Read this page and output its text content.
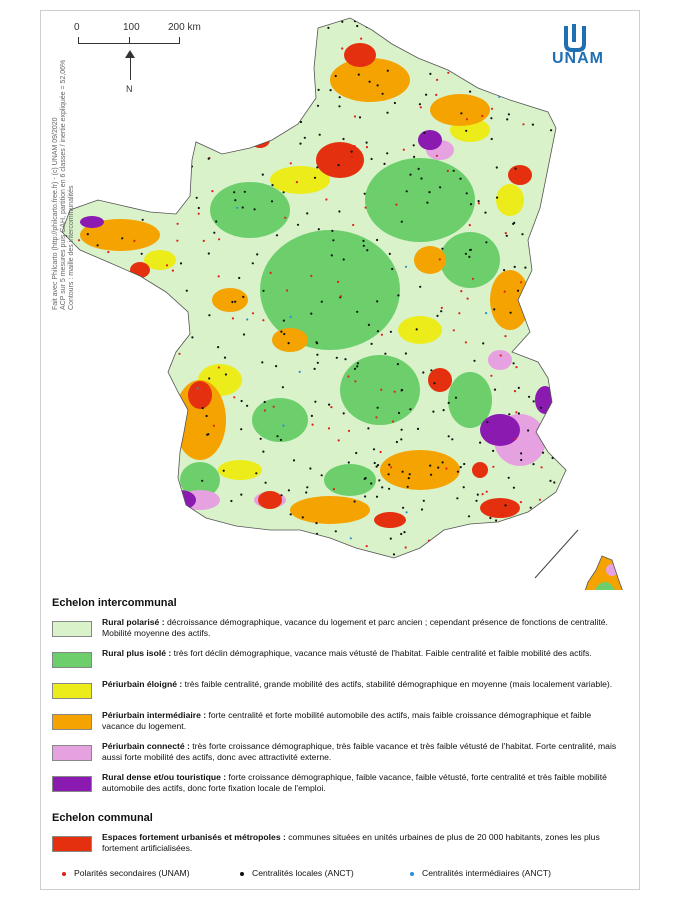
0	100	200 km
N
UNAM
Fait avec Philcarto (http://philcarto.free.fr) - (c) UNAM 09/2020 ACP sur 5 mesures puis CAH, partition en 6 classes / inertie expliquée = 52,06% Contours : maille des intercommunalités
Echelon intercommunal
Rural polarisé : décroissance démographique, vacance du logement et parc ancien ; cependant présence de fonctions de centralité. Mobilité moyenne des actifs.
Rural plus isolé : très fort déclin démographique, vacance mais vétusté de l'habitat. Faible centralité et faible mobilité des actifs.
Périurbain éloigné : très faible centralité, grande mobilité des actifs, stabilité démographique en moyenne (mais localement variable).
Périurbain intermédiaire : forte centralité et forte mobilité automobile des actifs, mais faible croissance démographique et faible vacance du logement.
Périurbain connecté : très forte croissance démographique, très faible vacance et très faible vétusté de l'habitat. Forte centralité, mais aussi forte mobilité des actifs, donc avec attractivité externe.
Rural dense et/ou touristique : forte croissance démographique, faible vacance, faible vétusté, forte centralité et très faible mobilité automobile des actifs, donc forte fixation locale de l'emploi.
Echelon communal
Espaces fortement urbanisés et métropoles : communes situées en unités urbaines de plus de 20 000 habitants, zones les plus fortement artificialisées.
Polarités secondaires (UNAM)	Centralités locales (ANCT)	Centralités intermédiaires (ANCT)
